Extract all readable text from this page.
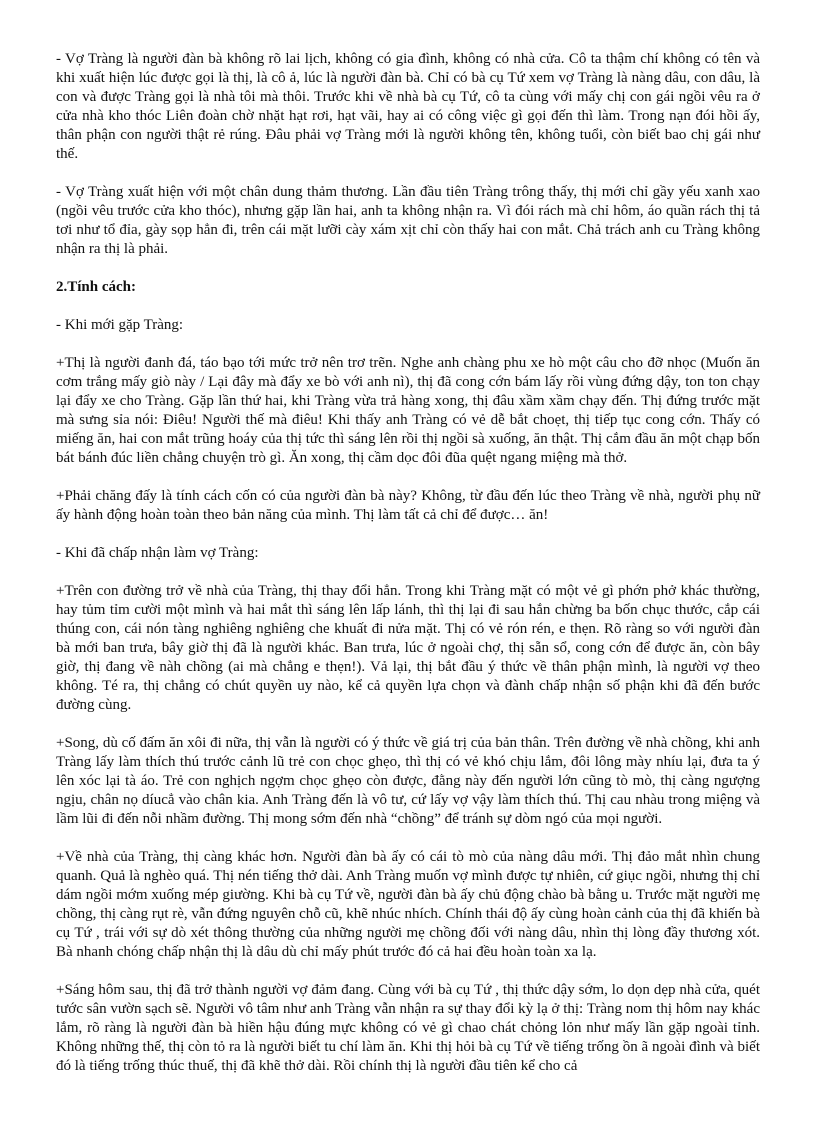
- Vợ Tràng là người đàn bà không rõ lai lịch, không có gia đình, không có nhà cửa. Cô ta thậm chí không có tên và khi xuất hiện lúc được gọi là thị, là cô ả, lúc là người đàn bà. Chỉ có bà cụ Tứ xem vợ Tràng là nàng dâu, con dâu, là con và được Tràng gọi là nhà tôi mà thôi. Trước khi về nhà bà cụ Tứ, cô ta cùng với mấy chị con gái ngồi vêu ra ở cửa nhà kho thóc Liên đoàn chờ nhặt hạt rơi, hạt vãi, hay ai có công việc gì gọi đến thì làm. Trong nạn đói hồi ấy, thân phận con người thật rẻ rúng. Đâu phải vợ Tràng mới là người không tên, không tuổi, còn biết bao chị gái như thế.

- Vợ Tràng xuất hiện với một chân dung thảm thương. Lần đầu tiên Tràng trông thấy, thị mới chỉ gầy yếu xanh xao (ngồi vêu trước cửa kho thóc), nhưng gặp lần hai, anh ta không nhận ra. Vì đói rách mà chỉ hôm, áo quần rách thị tả tơi như tổ đỉa, gày sọp hẳn đi, trên cái mặt lưỡi cày xám xịt chỉ còn thấy hai con mắt. Chả trách anh cu Tràng không nhận ra thị là phải.

2.Tính cách:

- Khi mới gặp Tràng:

+Thị là người đanh đá, táo bạo tới mức trở nên trơ trẽn. Nghe anh chàng phu xe hò một câu cho đỡ nhọc (Muốn ăn cơm trắng mấy giò này / Lại đây mà đẩy xe bò với anh nì), thị đã cong cớn bám lấy rồi vùng đứng dậy, ton ton chạy lại đẩy xe cho Tràng. Gặp lần thứ hai, khi Tràng vừa trả hàng xong, thị đâu xầm xầm chạy đến. Thị đứng trước mặt mà sưng sỉa nói: Điêu! Người thế mà điêu! Khi thấy anh Tràng có vẻ dễ bắt choẹt, thị tiếp tục cong cớn. Thấy có miếng ăn, hai con mắt trũng hoáy của thị tức thì sáng lên rồi thị ngồi sà xuống, ăn thật. Thị cắm đầu ăn một chạp bốn bát bánh đúc liền chẳng chuyện trò gì. Ăn xong, thị cầm dọc đôi đũa quệt ngang miệng mà thở.

+Phải chăng đấy là tính cách cốn có của người đàn bà này? Không, từ đầu đến lúc theo Tràng về nhà, người phụ nữ ấy hành động hoàn toàn theo bản năng của mình. Thị làm tất cả chỉ để được… ăn!

- Khi đã chấp nhận làm vợ Tràng:

+Trên con đường trở về nhà của Tràng, thị thay đổi hẳn. Trong khi Tràng mặt có một vẻ gì phớn phở khác thường, hay tủm tỉm cười một mình và hai mắt thì sáng lên lấp lánh, thì thị lại đi sau hắn chừng ba bốn chục thước, cắp cái thúng con, cái nón tàng nghiêng nghiêng che khuất đi nửa mặt. Thị có vẻ rón rén, e thẹn. Rõ ràng so với người đàn bà mới ban trưa, bây giờ thị đã là người khác. Ban trưa, lúc ở ngoài chợ, thị sẵn sổ, cong cớn để được ăn, còn bây giờ, thị đang về nàh chồng (ai mà chẳng e thẹn!). Vả lại, thị bắt đầu ý thức về thân phận mình, là người vợ theo không. Té ra, thị chẳng có chút quyền uy nào, kể cả quyền lựa chọn và đành chấp nhận số phận khi đã đến bước đường cùng.

+Song, dù cố đấm ăn xôi đi nữa, thị vẫn là người có ý thức về giá trị của bản thân. Trên đường về nhà chồng, khi anh Tràng lấy làm thích thú trước cảnh lũ trẻ con chọc ghẹo, thì thị có vẻ khó chịu lắm, đôi lông mày nhíu lại, đưa ta ý lên xóc lại tà áo. Trẻ con nghịch ngợm chọc ghẹo còn được, đằng này đến người lớn cũng tò mò, thị càng ngượng ngịu, chân nọ díucẳ vào chân kia. Anh Tràng đến là vô tư, cứ lấy vợ vậy làm thích thú. Thị cau nhàu trong miệng và lầm lũi đi đến nỗi nhầm đường. Thị mong sớm đến nhà “chồng” để tránh sự dòm ngó của mọi người.

+Về nhà của Tràng, thị càng khác hơn. Người đàn bà ấy có cái tò mò của nàng dâu mới. Thị đảo mắt nhìn chung quanh. Quả là nghèo quá. Thị nén tiếng thở dài. Anh Tràng muốn vợ mình được tự nhiên, cứ giục ngồi, nhưng thị chỉ dám ngồi mớm xuống mép giường. Khi bà cụ Tứ về, người đàn bà ấy chủ động chào bà bằng u. Trước mặt người mẹ chồng, thị càng rụt rè, vẫn đứng nguyên chỗ cũ, khẽ nhúc nhích. Chính thái độ ấy cùng hoàn cảnh của thị đã khiến bà cụ Tứ , trái với sự dò xét thông thường của những người mẹ chồng đối với nàng dâu, nhìn thị lòng đầy thương xót. Bà nhanh chóng chấp nhận thị là dâu dù chỉ mấy phút trước đó cả hai đều hoàn toàn xa lạ.

+Sáng hôm sau, thị đã trở thành người vợ đảm đang. Cùng với bà cụ Tứ , thị thức dậy sớm, lo dọn dẹp nhà cửa, quét tước sân vườn sạch sẽ. Người vô tâm như anh Tràng vẫn nhận ra sự thay đổi kỳ lạ ở thị: Tràng nom thị hôm nay khác lắm, rõ ràng là người đàn bà hiền hậu đúng mực không có vẻ gì chao chát chỏng lỏn như mấy lần gặp ngoài tỉnh. Không những thế, thị còn tỏ ra là người biết tu chí làm ăn. Khi thị hỏi bà cụ Tứ về tiếng trống ồn ã ngoài đình và biết đó là tiếng trống thúc thuế, thị đã khẽ thở dài. Rồi chính thị là người đầu tiên kể cho cả
